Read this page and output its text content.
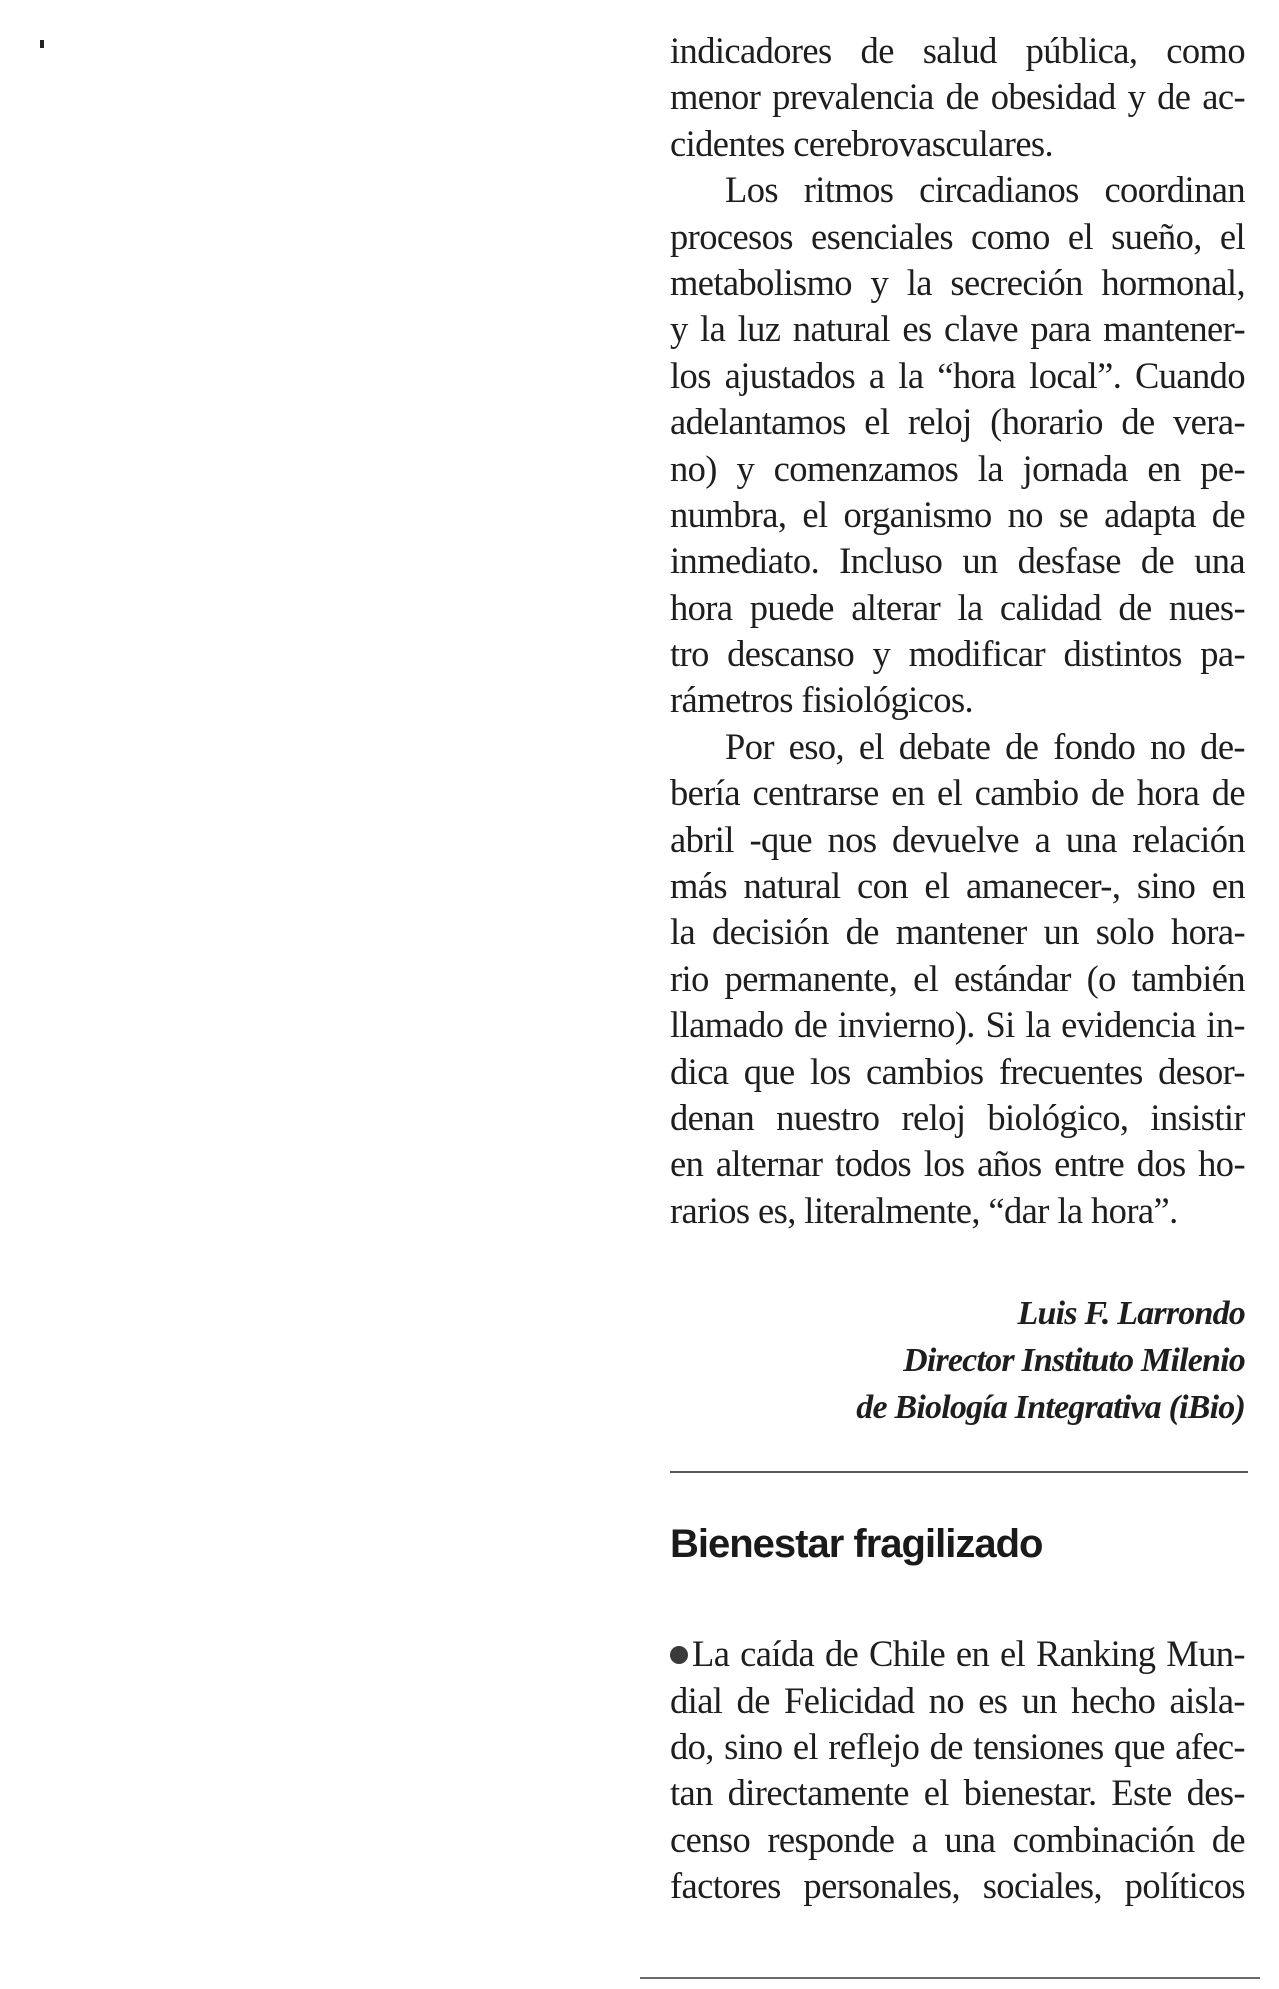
indicadores de salud pública, como
menor prevalencia de obesidad y de ac-
cidentes cerebrovasculares.
Los ritmos circadianos coordinan
procesos esenciales como el sueño, el
metabolismo y la secreción hormonal,
y la luz natural es clave para mantener-
los ajustados a la “hora local”. Cuando
adelantamos el reloj (horario de vera-
no) y comenzamos la jornada en pe-
numbra, el organismo no se adapta de
inmediato. Incluso un desfase de una
hora puede alterar la calidad de nues-
tro descanso y modificar distintos pa-
rámetros fisiológicos.
Por eso, el debate de fondo no de-
bería centrarse en el cambio de hora de
abril -que nos devuelve a una relación
más natural con el amanecer-, sino en
la decisión de mantener un solo hora-
rio permanente, el estándar (o también
llamado de invierno). Si la evidencia in-
dica que los cambios frecuentes desor-
denan nuestro reloj biológico, insistir
en alternar todos los años entre dos ho-
rarios es, literalmente, “dar la hora”.
Luis F. Larrondo
Director Instituto Milenio
de Biología Integrativa (iBio)
Bienestar fragilizado
La caída de Chile en el Ranking Mun-
dial de Felicidad no es un hecho aisla-
do, sino el reflejo de tensiones que afec-
tan directamente el bienestar. Este des-
censo responde a una combinación de
factores personales, sociales, políticos
